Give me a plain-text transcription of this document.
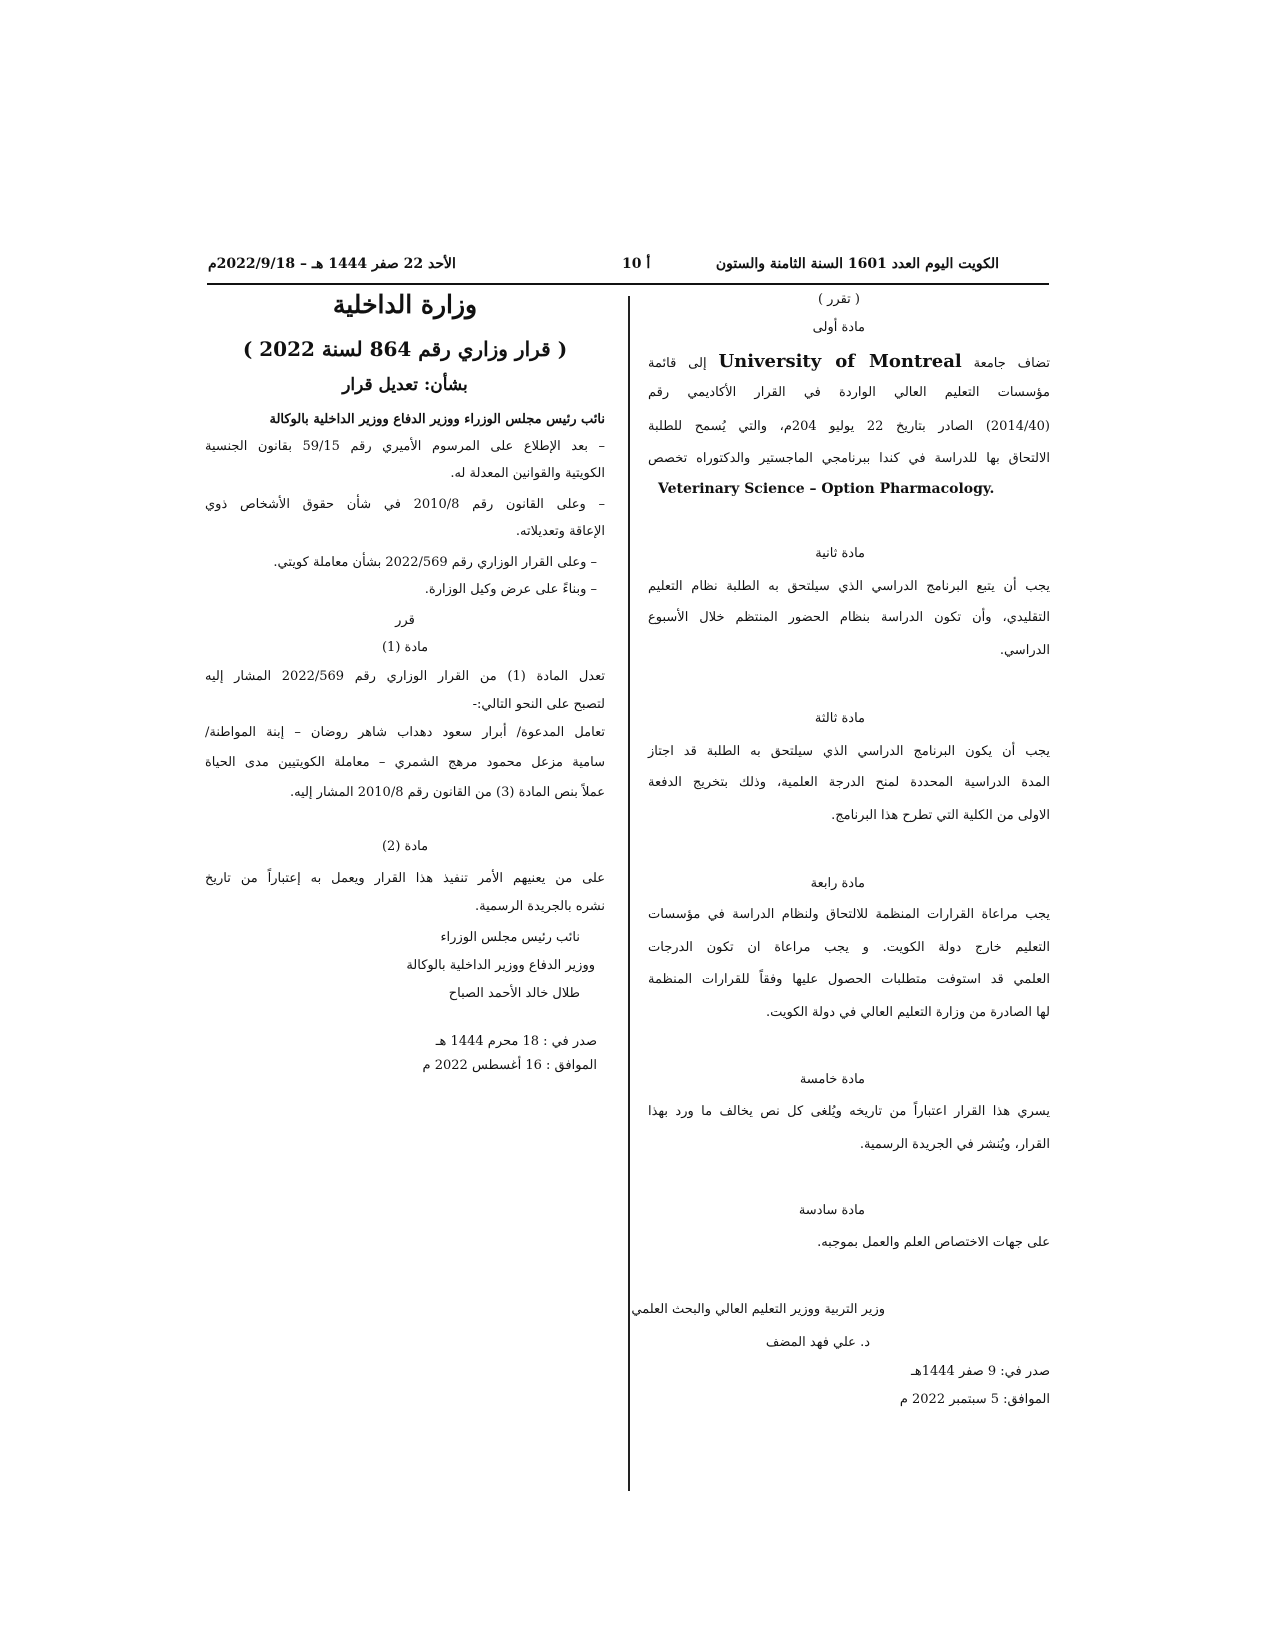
الكويت اليوم العدد 1601 السنة الثامنة والستون
أ 10
الأحد 22 صفر 1444 هـ – 2022/9/18م
وزارة الداخلية
( قرار وزاري رقم 864 لسنة 2022 )
بشأن: تعديل قرار
نائب رئيس مجلس الوزراء ووزير الدفاع ووزير الداخلية بالوكالة
– بعد الإطلاع على المرسوم الأميري رقم 59/15 بقانون الجنسية
الكويتية والقوانين المعدلة له.
– وعلى القانون رقم 2010/8 في شأن حقوق الأشخاص ذوي
الإعاقة وتعديلاته.
– وعلى القرار الوزاري رقم 2022/569 بشأن معاملة كويتي.
– وبناءً على عرض وكيل الوزارة.
قرر
مادة (1)
تعدل المادة (1) من القرار الوزاري رقم 2022/569 المشار إليه
لتصبح على النحو التالي:-
تعامل المدعوة/ أبرار سعود دهداب شاهر روضان – إبنة المواطنة/
سامية مزعل محمود مرهج الشمري – معاملة الكويتيين مدى الحياة
عملاً بنص المادة (3) من القانون رقم 2010/8 المشار إليه.
مادة (2)
على من يعنيهم الأمر تنفيذ هذا القرار ويعمل به إعتباراً من تاريخ
نشره بالجريدة الرسمية.
نائب رئيس مجلس الوزراء
ووزير الدفاع ووزير الداخلية بالوكالة
طلال خالد الأحمد الصباح
صدر في : 18 محرم 1444 هـ
الموافق : 16 أغسطس 2022 م
( تقرر )
مادة أولى
تضاف جامعة University of Montreal إلى قائمة
مؤسسات التعليم العالي الواردة في القرار الأكاديمي رقم
(2014/40) الصادر بتاريخ 22 يوليو 204م، والتي يُسمح للطلبة
الالتحاق بها للدراسة في كندا ببرنامجي الماجستير والدكتوراه تخصص
Veterinary Science – Option Pharmacology.
مادة ثانية
يجب أن يتبع البرنامج الدراسي الذي سيلتحق به الطلبة نظام التعليم
التقليدي، وأن تكون الدراسة بنظام الحضور المنتظم خلال الأسبوع
الدراسي.
مادة ثالثة
يجب أن يكون البرنامج الدراسي الذي سيلتحق به الطلبة قد اجتاز
المدة الدراسية المحددة لمنح الدرجة العلمية، وذلك بتخريج الدفعة
الاولى من الكلية التي تطرح هذا البرنامج.
مادة رابعة
يجب مراعاة القرارات المنظمة للالتحاق ولنظام الدراسة في مؤسسات
التعليم خارج دولة الكويت. و يجب مراعاة ان تكون الدرجات
العلمي قد استوفت متطلبات الحصول عليها وفقاً للقرارات المنظمة
لها الصادرة من وزارة التعليم العالي في دولة الكويت.
مادة خامسة
يسري هذا القرار اعتباراً من تاريخه ويُلغى كل نص يخالف ما ورد بهذا
القرار، ويُنشر في الجريدة الرسمية.
مادة سادسة
على جهات الاختصاص العلم والعمل بموجبه.
وزير التربية ووزير التعليم العالي والبحث العلمي
د. علي فهد المضف
صدر في: 9 صفر 1444هـ
الموافق: 5 سبتمبر 2022 م
